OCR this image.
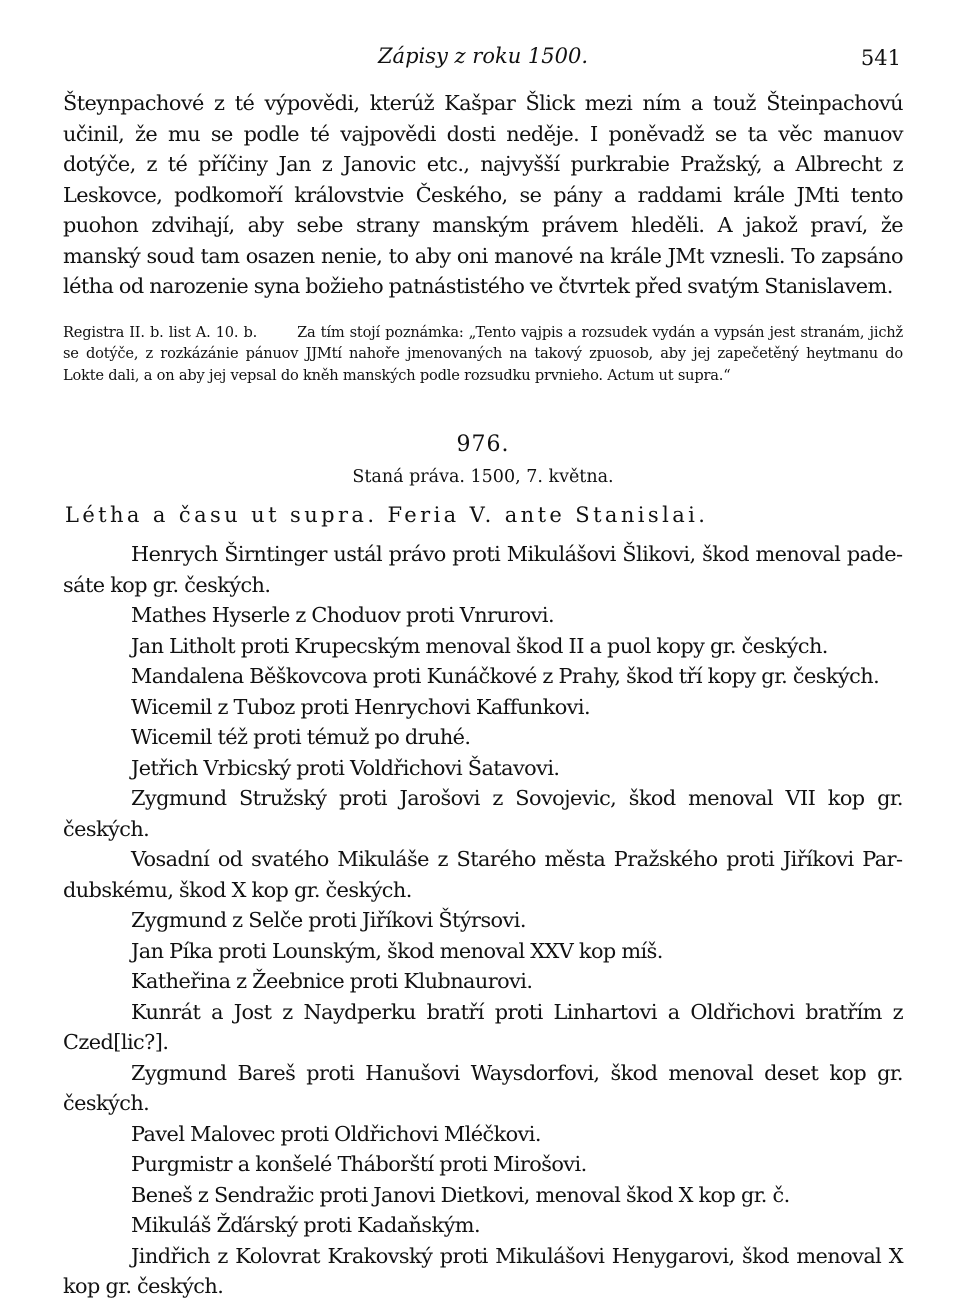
Zápisy z roku 1500.	541

Šteynpachové z té výpovědi, kterúž Kašpar Šlick mezi ním a touž Šteinpachovú učinil, že mu se podle té vajpovědi dosti neděje. I poněvadž se ta věc manuov dotýče, z té příčiny Jan z Janovic etc., najvyšší purkrabie Pražský, a Albrecht z Leskovce, podkomoří královstvie Českého, se pány a raddami krále JMti tento puohon zdvihají, aby sebe strany manským právem hleděli. A jakož praví, že manský soud tam osazen nenie, to aby oni manové na krále JMt vznesli. To zapsáno létha od narozenie syna božieho patnástistého ve čtvrtek před svatým Stanislavem.

Registra II. b. list A. 10. b.	Za tím stojí poznámka: „Tento vajpis a rozsudek vydán a vypsán jest stranám, jichž se dotýče, z rozkázánie pánuov JJMtí nahoře jmenovaných na takový zpuosob, aby jej zapečetěný heytmanu do Lokte dali, a on aby jej vepsal do kněh manských podle rozsudku prvnieho. Actum ut supra.“

976.
Staná práva. 1500, 7. května.
Létha a času ut supra. Feria V. ante Stanislai.

Henrych Širntinger ustál právo proti Mikulášovi Šlikovi, škod menoval padesáte kop gr. českých.

Mathes Hyserle z Choduov proti Vnrurovi.

Jan Litholt proti Krupecským menoval škod II a puol kopy gr. českých.

Mandalena Běškovcova proti Kunáčkové z Prahy, škod tří kopy gr. českých.

Wicemil z Tuboz proti Henrychovi Kaffunkovi.

Wicemil též proti témuž po druhé.

Jetřich Vrbicský proti Voldřichovi Šatavovi.

Zygmund Stružský proti Jarošovi z Sovojevic, škod menoval VII kop gr. českých.

Vosadní od svatého Mikuláše z Starého města Pražského proti Jiříkovi Pardubskému, škod X kop gr. českých.

Zygmund z Selče proti Jiříkovi Štýrsovi.

Jan Píka proti Lounským, škod menoval XXV kop míš.

Katheřina z Žeebnice proti Klubnaurovi.

Kunrát a Jost z Naydperku bratří proti Linhartovi a Oldřichovi bratřím z Czed[lic?].

Zygmund Bareš proti Hanušovi Waysdorfovi, škod menoval deset kop gr. českých.

Pavel Malovec proti Oldřichovi Mléčkovi.

Purgmistr a konšelé Tháborští proti Mirošovi.

Beneš z Sendražic proti Janovi Dietkovi, menoval škod X kop gr. č.

Mikuláš Žďárský proti Kadaňským.

Jindřich z Kolovrat Krakovský proti Mikulášovi Henygarovi, škod menoval X kop gr. českých.
